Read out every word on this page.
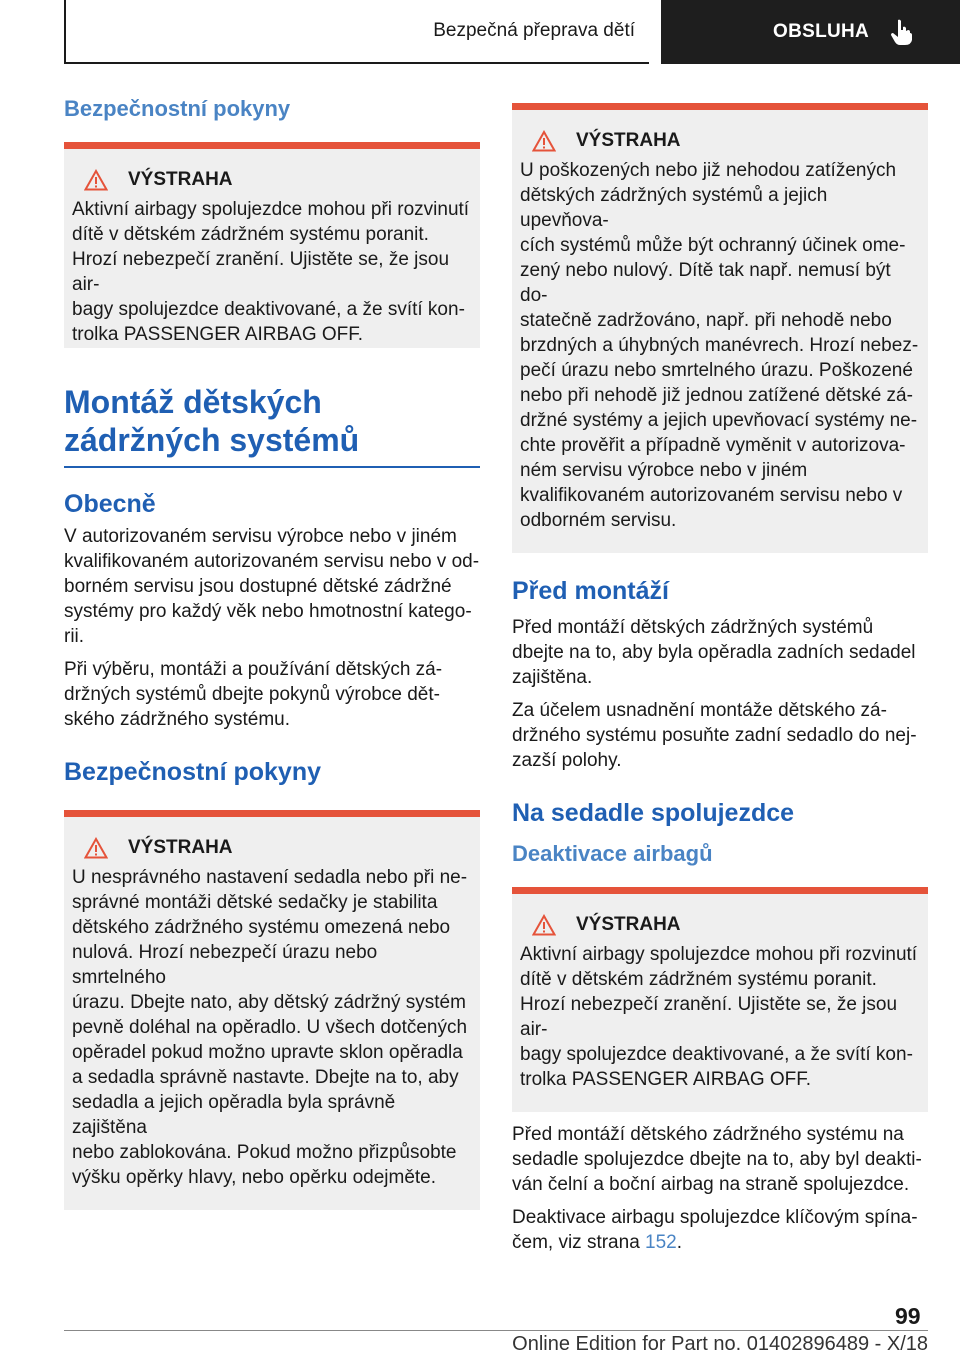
Bezpečná přeprava dětí	OBSLUHA
Bezpečnostní pokyny
VÝSTRAHA
Aktivní airbagy spolujezdce mohou při rozvinutí
dítě v dětském zádržném systému poranit.
Hrozí nebezpečí zranění. Ujistěte se, že jsou air-
bagy spolujezdce deaktivované, a že svítí kon-
trolka PASSENGER AIRBAG OFF.
Montáž dětských
zádržných systémů
Obecně
V autorizovaném servisu výrobce nebo v jiném
kvalifikovaném autorizovaném servisu nebo v od-
borném servisu jsou dostupné dětské zádržné
systémy pro každý věk nebo hmotnostní katego-
rii.
Při výběru, montáži a používání dětských zá-
držných systémů dbejte pokynů výrobce dět-
ského zádržného systému.
Bezpečnostní pokyny
VÝSTRAHA
U nesprávného nastavení sedadla nebo při ne-
správné montáži dětské sedačky je stabilita
dětského zádržného systému omezená nebo
nulová. Hrozí nebezpečí úrazu nebo smrtelného
úrazu. Dbejte nato, aby dětský zádržný systém
pevně doléhal na opěradlo. U všech dotčených
opěradel pokud možno upravte sklon opěradla
a sedadla správně nastavte. Dbejte na to, aby
sedadla a jejich opěradla byla správně zajištěna
nebo zablokována. Pokud možno přizpůsobte
výšku opěrky hlavy, nebo opěrku odejměte.
VÝSTRAHA
U poškozených nebo již nehodou zatížených
dětských zádržných systémů a jejich upevňova-
cích systémů může být ochranný účinek ome-
zený nebo nulový. Dítě tak např. nemusí být do-
statečně zadržováno, např. při nehodě nebo
brzdných a úhybných manévrech. Hrozí nebez-
pečí úrazu nebo smrtelného úrazu. Poškozené
nebo při nehodě již jednou zatížené dětské zá-
držné systémy a jejich upevňovací systémy ne-
chte prověřit a případně vyměnit v autorizova-
ném servisu výrobce nebo v jiném
kvalifikovaném autorizovaném servisu nebo v
odborném servisu.
Před montáží
Před montáží dětských zádržných systémů
dbejte na to, aby byla opěradla zadních sedadel
zajištěna.
Za účelem usnadnění montáže dětského zá-
držného systému posuňte zadní sedadlo do nej-
zazší polohy.
Na sedadle spolujezdce
Deaktivace airbagů
VÝSTRAHA
Aktivní airbagy spolujezdce mohou při rozvinutí
dítě v dětském zádržném systému poranit.
Hrozí nebezpečí zranění. Ujistěte se, že jsou air-
bagy spolujezdce deaktivované, a že svítí kon-
trolka PASSENGER AIRBAG OFF.
Před montáží dětského zádržného systému na
sedadle spolujezdce dbejte na to, aby byl deakti-
ván čelní a boční airbag na straně spolujezdce.
Deaktivace airbagu spolujezdce klíčovým spína-
čem, viz strana 152.
99
Online Edition for Part no. 01402896489 - X/18
